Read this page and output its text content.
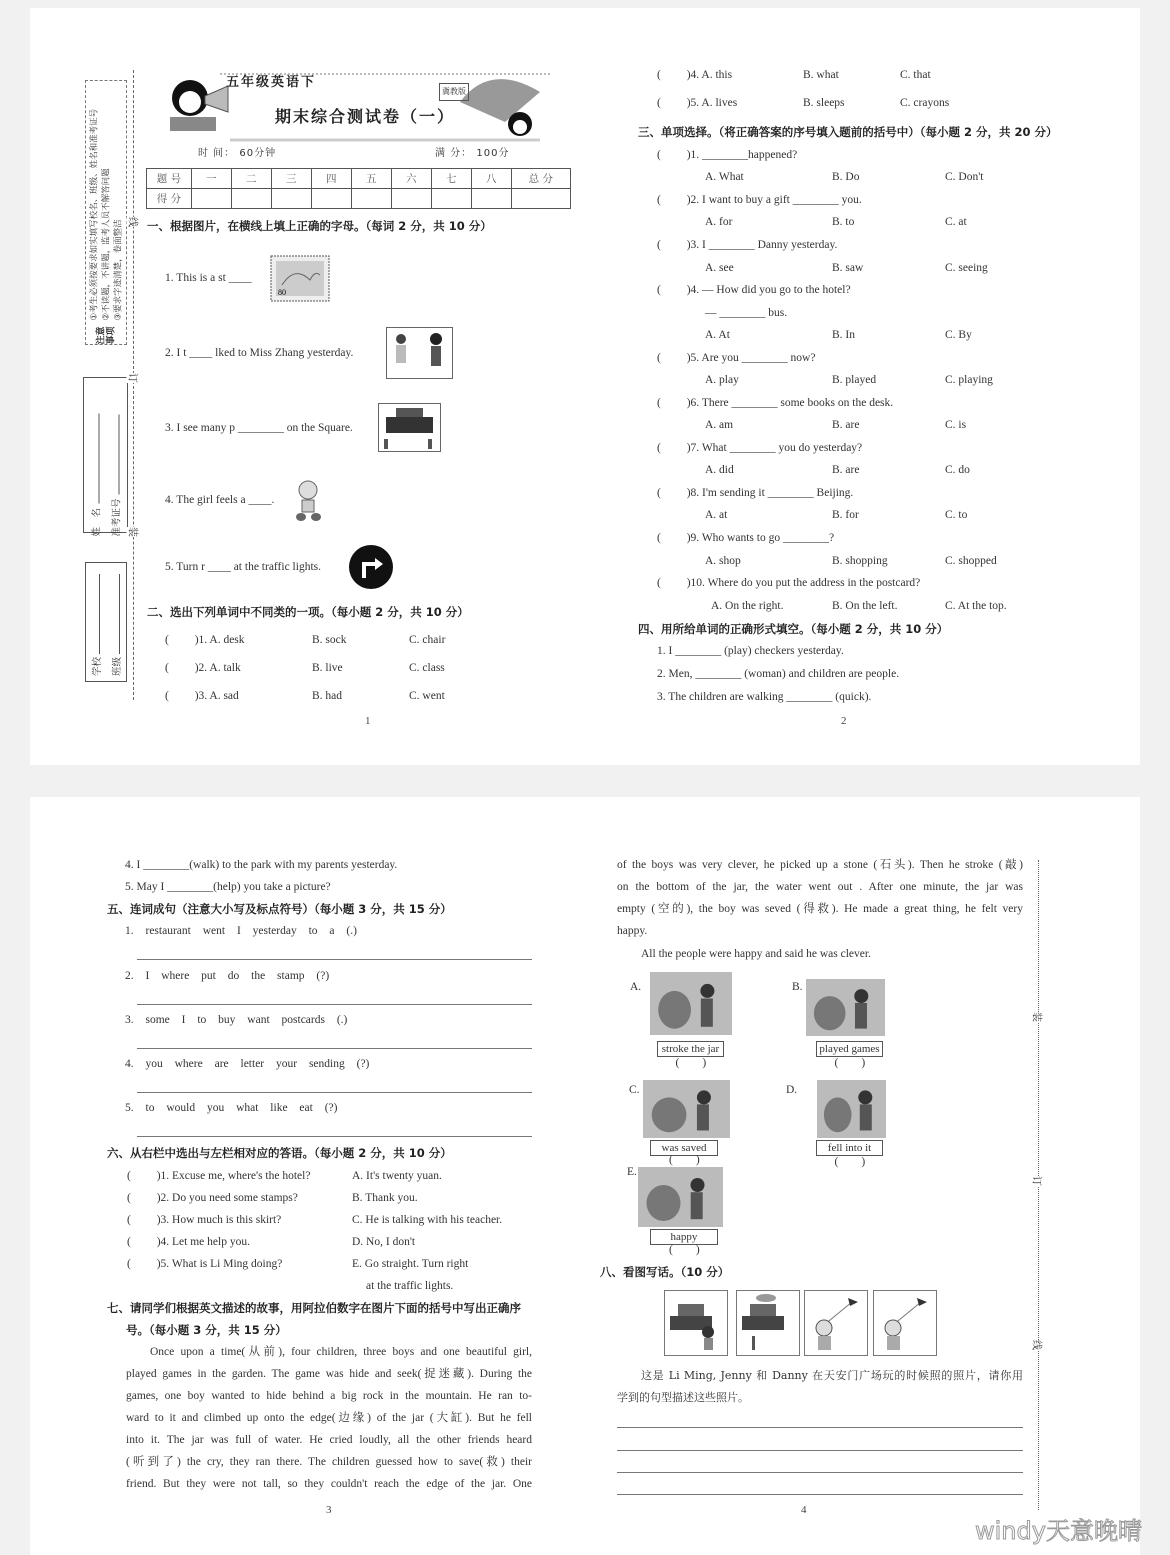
注意事项
①考生必须按要求如实填写校名、班级、姓名和准考证号 ②不读题，不讲题，监考人员不解答问题 ③要求字迹清楚，卷面整洁
姓　名 准考证号
学校 班级
线
订
装
五年级英语下
冀教版
期末综合测试卷（一）
题 号	一	二	三	四	五	六	七	八	总 分
得 分									
80
装
订
线
时 间： 60分钟	满 分： 100分
一、根据图片，在横线上填上正确的字母。（每词 2 分，共 10 分）
1. This is a st ____
2. I t ____ lked to Miss Zhang yesterday.
3. I see many p ________ on the Square.
4. The girl feels a ____.
5. Turn r ____ at the traffic lights.
二、选出下列单词中不同类的一项。（每小题 2 分，共 10 分）
(　　 )1. A. desk	B. sock	C. chair
(　　 )2. A. talk	B. live	C. class
(　　 )3. A. sad	B. had	C. went
1
(　　 )4. A. this	B. what	C. that
(　　 )5. A. lives	B. sleeps	C. crayons
三、单项选择。（将正确答案的序号填入题前的括号中）（每小题 2 分，共 20 分）
(　　 )1. ________happened?
A. What	B. Do	C. Don't
(　　 )2. I want to buy a gift ________ you.
A. for	B. to	C. at
(　　 )3. I ________ Danny yesterday.
A. see	B. saw	C. seeing
(　　 )4. — How did you go to the hotel?
— ________ bus.
A. At	B. In	C. By
(　　 )5. Are you ________ now?
A. play	B. played	C. playing
(　　 )6. There ________ some books on the desk.
A. am	B. are	C. is
(　　 )7. What ________ you do yesterday?
A. did	B. are	C. do
(　　 )8. I'm sending it ________ Beijing.
A. at	B. for	C. to
(　　 )9. Who wants to go ________?
A. shop	B. shopping	C. shopped
(　　 )10. Where do you put the address in the postcard?
A. On the right.	B. On the left.	C. At the top.
四、用所给单词的正确形式填空。（每小题 2 分，共 10 分）
1. I ________ (play) checkers yesterday.
2. Men, ________ (woman) and children are people.
3. The children are walking ________ (quick).
2
4. I ________(walk) to the park with my parents yesterday.
5. May I ________(help) you take a picture?
五、连词成句（注意大小写及标点符号）（每小题 3 分，共 15 分）
1. restaurant went I yesterday to a (.)
2. I where put do the stamp (?)
3. some I to buy want postcards (.)
4. you where are letter your sending (?)
5. to would you what like eat (?)
六、从右栏中选出与左栏相对应的答语。（每小题 2 分，共 10 分）
(　　 )1. Excuse me, where's the hotel?	A. It's twenty yuan.
(　　 )2. Do you need some stamps?	B. Thank you.
(　　 )3. How much is this skirt?	C. He is talking with his teacher.
(　　 )4. Let me help you.	D. No, I don't
(　　 )5. What is Li Ming doing?	E. Go straight. Turn right
at the traffic lights.
七、请同学们根据英文描述的故事，用阿拉伯数字在图片下面的括号中写出正确序
号。（每小题 3 分，共 15 分）
Once upon a time(从前), four children, three boys and one beautiful girl,
played games in the garden. The game was hide and seek(捉迷藏). During the
games, one boy wanted to hide behind a big rock in the mountain. He ran to-
ward to it and climbed up onto the edge(边缘) of the jar (大缸). But he fell
into it. The jar was full of water. He cried loudly, all the other friends heard
(听到了) the cry, they ran there. The children guessed how to save(救) their
friend. But they were not tall, so they couldn't reach the edge of the jar. One
3
of the boys was very clever, he picked up a stone (石头). Then he stroke (敲)
on the bottom of the jar, the water went out . After one minute, the jar was
empty (空的), the boy was seved (得救). He made a great thing, he felt very
happy.
All the people were happy and said he was clever.
八、看图写话。（10 分）
这是 Li Ming, Jenny 和 Danny 在天安门广场玩的时候照的照片，请你用
学到的句型描述这些照片。
4
A.
stroke the jar
(　　)
B.
played games
(　　)
C.
was saved
(　　)
D.
fell into it
(　　)
E.
happy
(　　)
windy天意晚晴
